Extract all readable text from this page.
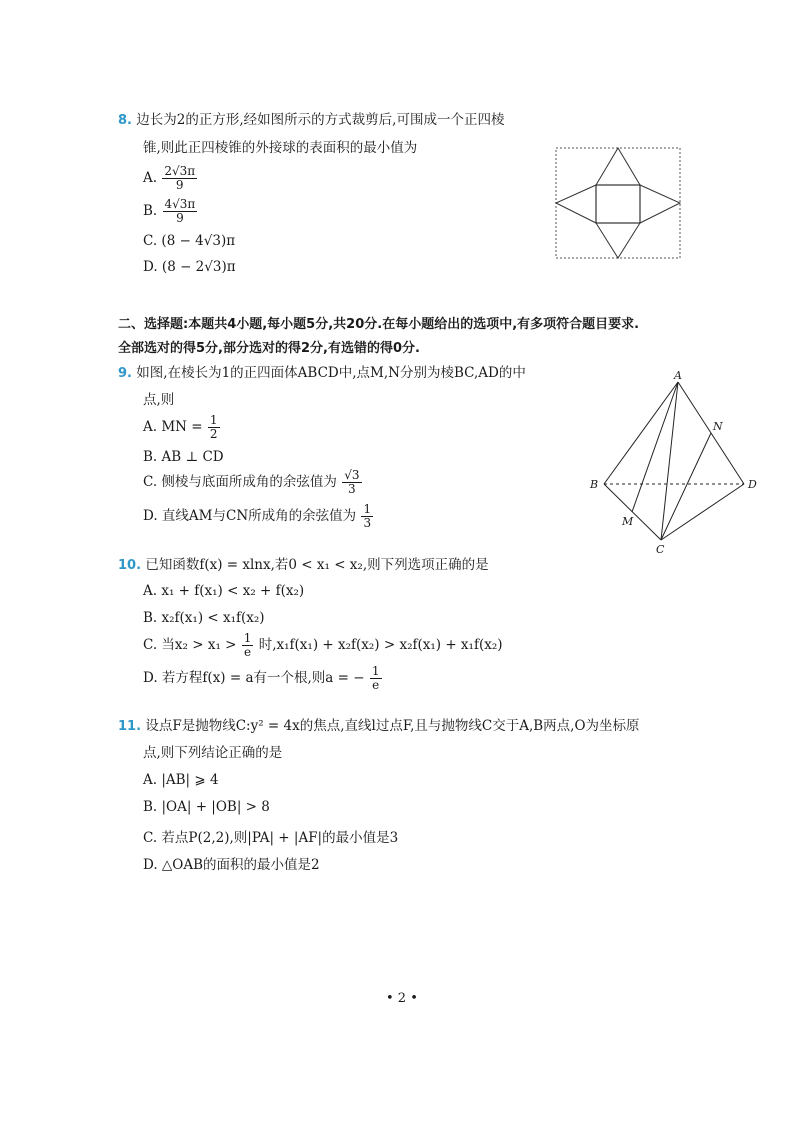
8. 边长为2的正方形,经如图所示的方式裁剪后,可围成一个正四棱
锥,则此正四棱锥的外接球的表面积的最小值为
A. $\frac{2√3\pi}{9}$
B. $\frac{4√3\pi}{9}$
C. (8 − 4√3)π
D. (8 − 2√3)π
二、选择题:本题共4小题,每小题5分,共20分.在每小题给出的选项中,有多项符合题目要求.
全部选对的得5分,部分选对的得2分,有选错的得0分.
9. 如图,在棱长为1的正四面体ABCD中,点M,N分别为棱BC,AD的中
点,则
A. MN = $\frac{1}{2}$
B. AB ⊥ CD
C. 侧棱与底面所成角的余弦值为 $\frac{√3}{3}$
D. 直线AM与CN所成角的余弦值为 $\frac{1}{3}$
A
B
C
D
M
N
10. 已知函数f(x) = xlnx,若0 < x₁ < x₂,则下列选项正确的是
A. x₁ + f(x₁) < x₂ + f(x₂)
B. x₂f(x₁) < x₁f(x₂)
C. 当$x_2 > x_1 > \frac{1}{e}$ 时,x₁f(x₁) + x₂f(x₂) > x₂f(x₁) + x₁f(x₂)
D. 若方程f(x) = a有一个根,则a = − $\frac{1}{e}$
11. 设点F是抛物线C:y² = 4x的焦点,直线l过点F,且与抛物线C交于A,B两点,O为坐标原
点,则下列结论正确的是
A. |AB| ⩾ 4
B. |OA| + |OB| > 8
C. 若点P(2,2),则|PA| + |AF|的最小值是3
D. △OAB的面积的最小值是2
• 2 •
